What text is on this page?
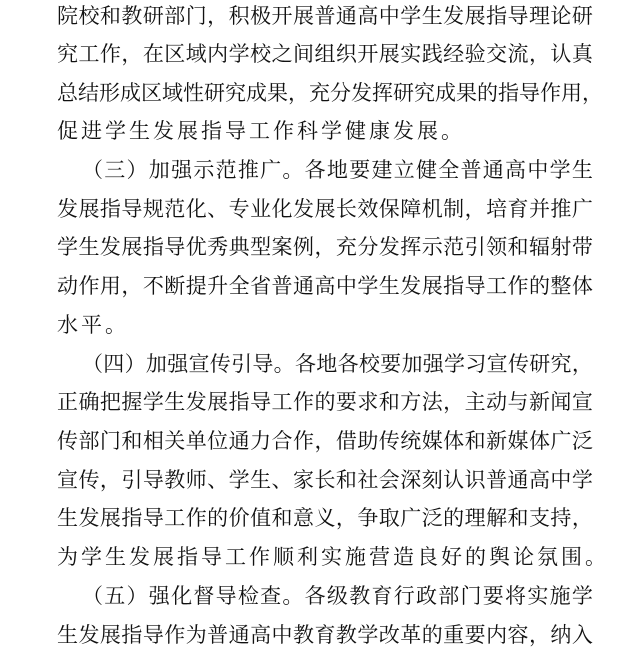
院 校 和 教 研 部 门 ， 积 极 开 展 普 通 高 中 学 生 发 展 指 导 理 论 研
究 工 作 ， 在 区 域 内 学 校 之 间 组 织 开 展 实 践 经 验 交 流 ， 认 真
总 结 形 成 区 域 性 研 究 成 果 ， 充 分 发 挥 研 究 成 果 的 指 导 作 用 ，
促进学生发展指导工作科学健康发展。
（ 三 ） 加 强 示 范 推 广 。 各 地 要 建 立 健 全 普 通 高 中 学 生
发 展 指 导 规 范 化 、 专 业 化 发 展 长 效 保 障 机 制 ， 培 育 并 推 广
学 生 发 展 指 导 优 秀 典 型 案 例 ， 充 分 发 挥 示 范 引 领 和 辐 射 带
动 作 用 ， 不 断 提 升 全 省 普 通 高 中 学 生 发 展 指 导 工 作 的 整 体
水平。
（ 四 ） 加 强 宣 传 引 导 。 各 地 各 校 要 加 强 学 习 宣 传 研 究 ，
正 确 把 握 学 生 发 展 指 导 工 作 的 要 求 和 方 法 ， 主 动 与 新 闻 宣
传 部 门 和 相 关 单 位 通 力 合 作 ， 借 助 传 统 媒 体 和 新 媒 体 广 泛
宣 传 ， 引 导 教 师 、 学 生 、 家 长 和 社 会 深 刻 认 识 普 通 高 中 学
生 发 展 指 导 工 作 的 价 值 和 意 义 ， 争 取 广 泛 的 理 解 和 支 持 ，
为学生发展指导工作顺利实施营造良好的舆论氛围。
（ 五 ） 强 化 督 导 检 查 。 各 级 教 育 行 政 部 门 要 将 实 施 学
生 发 展 指 导 作 为 普 通 高 中 教 育 教 学 改 革 的 重 要 内 容 ， 纳 入
